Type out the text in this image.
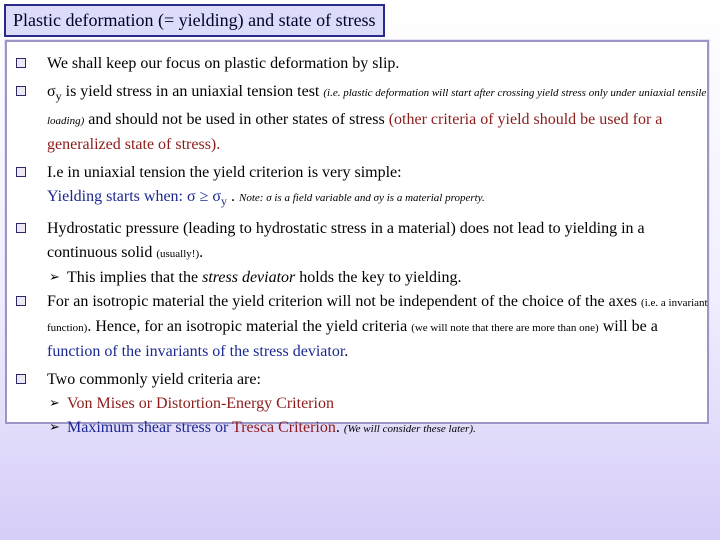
Plastic deformation (= yielding) and state of stress
We shall keep our focus on plastic deformation by slip.
$\sigma_y$ is yield stress in an uniaxial tension test (i.e. plastic deformation will start after crossing yield stress only under uniaxial tensile loading) and should not be used in other states of stress (other criteria of yield should be used for a generalized state of stress).
I.e in uniaxial tension the yield criterion is very simple:
Yielding starts when: $\sigma \ge \sigma_y$ . Note: σ is a field variable and σy is a material property.
Hydrostatic pressure (leading to hydrostatic stress in a material) does not lead to yielding in a continuous solid (usually!).
➢ This implies that the stress deviator holds the key to yielding.
For an isotropic material the yield criterion will not be independent of the choice of the axes (i.e. a invariant function). Hence, for an isotropic material the yield criteria (we will note that there are more than one) will be a function of the invariants of the stress deviator.
Two commonly yield criteria are:
➢ Von Mises or Distortion-Energy Criterion
➢ Maximum shear stress or Tresca Criterion. (We will consider these later).
